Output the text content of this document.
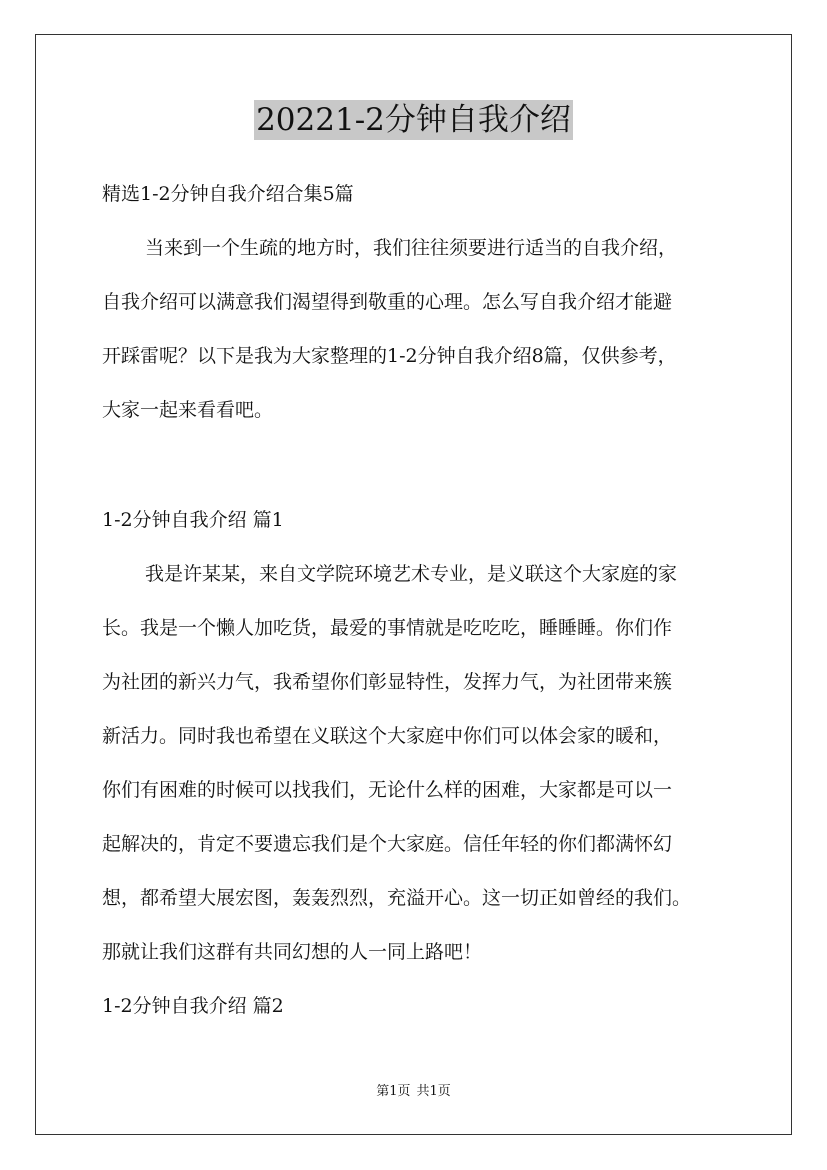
20221-2分钟自我介绍
精选1-2分钟自我介绍合集5篇
当来到一个生疏的地方时，我们往往须要进行适当的自我介绍，
自我介绍可以满意我们渴望得到敬重的心理。怎么写自我介绍才能避
开踩雷呢？以下是我为大家整理的1-2分钟自我介绍8篇，仅供参考，
大家一起来看看吧。
1-2分钟自我介绍 篇1
我是许某某，来自文学院环境艺术专业，是义联这个大家庭的家
长。我是一个懒人加吃货，最爱的事情就是吃吃吃，睡睡睡。你们作
为社团的新兴力气，我希望你们彰显特性，发挥力气，为社团带来簇
新活力。同时我也希望在义联这个大家庭中你们可以体会家的暖和，
你们有困难的时候可以找我们，无论什么样的困难，大家都是可以一
起解决的，肯定不要遗忘我们是个大家庭。信任年轻的你们都满怀幻
想，都希望大展宏图，轰轰烈烈，充溢开心。这一切正如曾经的我们。
那就让我们这群有共同幻想的人一同上路吧！
1-2分钟自我介绍 篇2
第1页 共1页
